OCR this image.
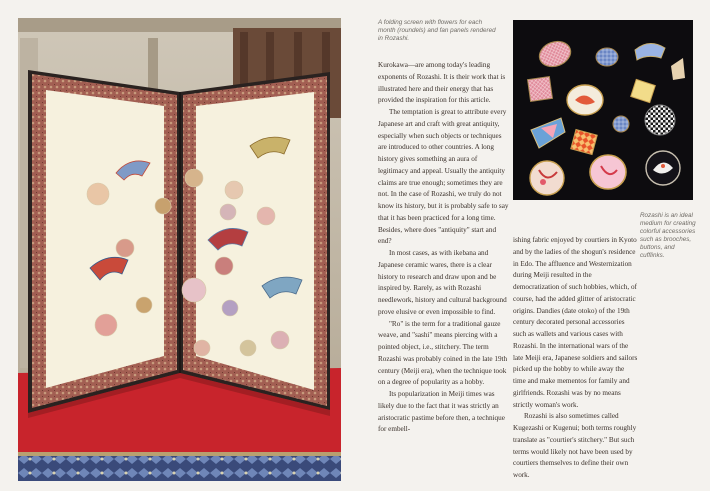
A folding screen with flowers for each month (roundels) and fan panels rendered in Rozashi.
Rozashi is an ideal medium for creating colorful accessories such as brooches, buttons, and cufflinks.

Kurokawa—are among today's leading exponents of Rozashi. It is their work that is illustrated here and their energy that has provided the inspiration for this article.

The temptation is great to attribute every Japanese art and craft with great antiquity, especially when such objects or techniques are introduced to other countries. A long history gives something an aura of legitimacy and appeal. Usually the antiquity claims are true enough; sometimes they are not. In the case of Rozashi, we truly do not know its history, but it is probably safe to say that it has been practiced for a long time. Besides, where does "antiquity" start and end?

In most cases, as with ikebana and Japanese ceramic wares, there is a clear history to research and draw upon and be inspired by. Rarely, as with Rozashi needlework, history and cultural background prove elusive or even impossible to find.

"Ro" is the term for a traditional gauze weave, and "sashi" means piercing with a pointed object, i.e., stitchery. The term Rozashi was probably coined in the late 19th century (Meiji era), when the technique took on a degree of popularity as a hobby.

Its popularization in Meiji times was likely due to the fact that it was strictly an aristocratic pastime before then, a technique for embell-

ishing fabric enjoyed by courtiers in Kyoto and by the ladies of the shogun's residence in Edo. The affluence and Westernization during Meiji resulted in the democratization of such hobbies, which, of course, had the added glitter of aristocratic origins. Dandies (date otoko) of the 19th century decorated personal accessories such as wallets and various cases with Rozashi. In the international wars of the late Meiji era, Japanese soldiers and sailors picked up the hobby to while away the time and make mementos for family and girlfriends. Rozashi was by no means strictly woman's work.

Rozashi is also sometimes called Kugezashi or Kugenui; both terms roughly translate as "courtier's stitchery." But such terms would likely not have been used by courtiers themselves to define their own work.
